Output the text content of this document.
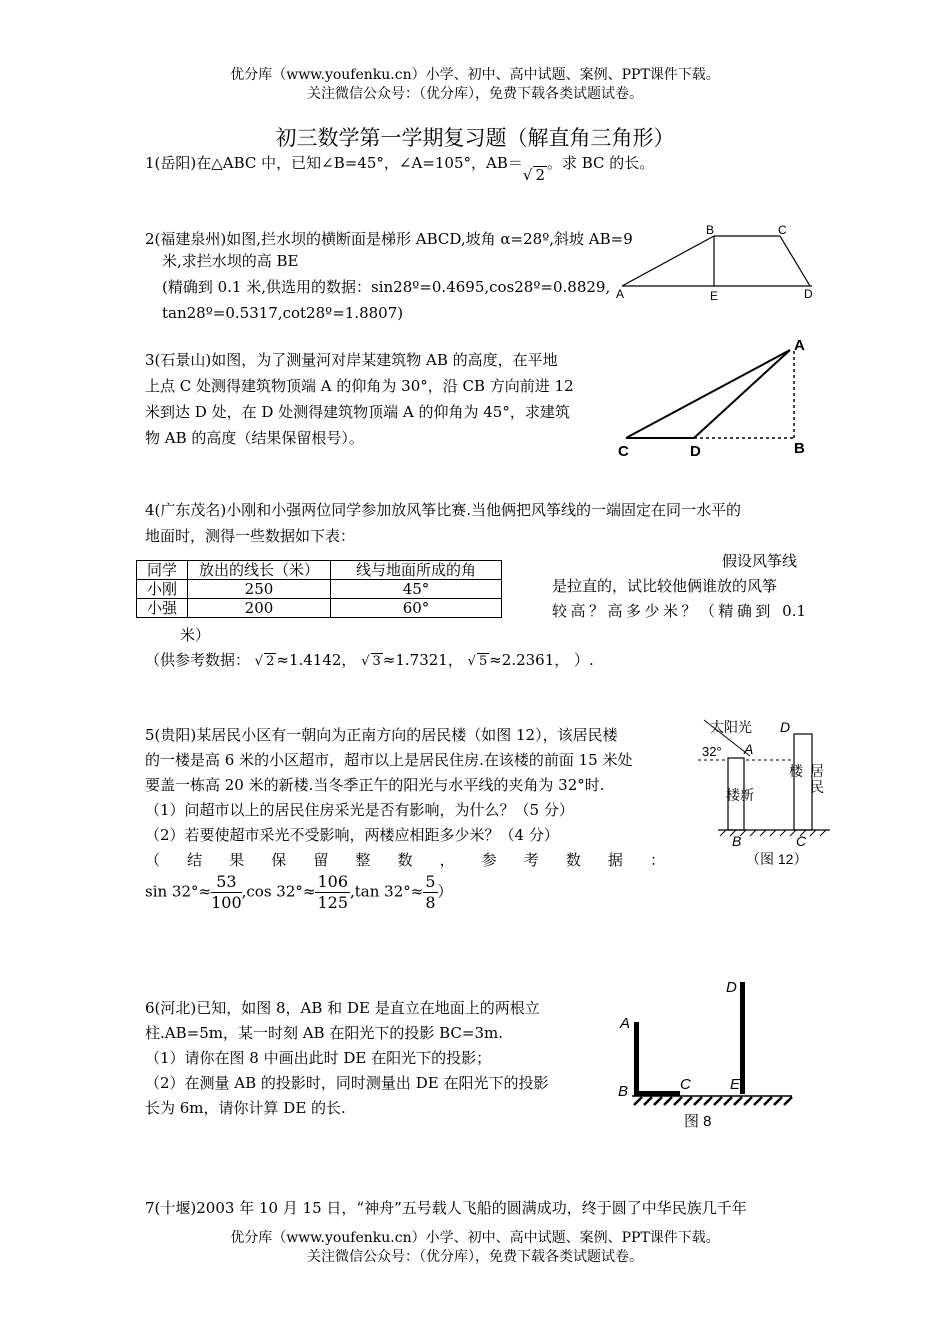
优分库（www.youfenku.cn）小学、初中、高中试题、案例、PPT课件下载。
关注微信公众号：（优分库），免费下载各类试题试卷。
初三数学第一学期复习题（解直角三角形）
1(岳阳)在△ABC 中，已知∠B=45°，∠A=105°，AB＝√ 2。求 BC 的长。
2(福建泉州)如图,拦水坝的横断面是梯形 ABCD,坡角 α=28º,斜坡 AB=9
米,求拦水坝的高 BE
(精确到 0.1 米,供选用的数据：sin28º=0.4695,cos28º=0.8829,
tan28º=0.5317,cot28º=1.8807)
B	C
A	E	D
3(石景山)如图，为了测量河对岸某建筑物 AB 的高度，在平地
上点 C 处测得建筑物顶端 A 的仰角为 30°，沿 CB 方向前进 12
米到达 D 处，在 D 处测得建筑物顶端 A 的仰角为 45°，求建筑
物 AB 的高度（结果保留根号）。
A
C	D	B
4(广东茂名)小刚和小强两位同学参加放风筝比赛.当他俩把风筝线的一端固定在同一水平的
地面时，测得一些数据如下表：
同学	放出的线长（米）	线与地面所成的角
小刚	250	45°
小强	200	60°
假设风筝线
是拉直的，试比较他俩谁放的风筝
较高？高多少米？（精确到 0.1
米）
（供参考数据： √ 2 ≈1.4142， √ 3 ≈1.7321， √ 5 ≈2.2361， ）.
5(贵阳)某居民小区有一朝向为正南方向的居民楼（如图 12），该居民楼
的一楼是高 6 米的小区超市，超市以上是居民住房.在该楼的前面 15 米处
要盖一栋高 20 米的新楼.当冬季正午的阳光与水平线的夹角为 32°时.
（1）问超市以上的居民住房采光是否有影响，为什么？（5 分）
（2）若要使超市采光不受影响，两楼应相距多少米？（4 分）
（ 结 果 保 留 整 数 ， 参 考 数 据 ：
$\sin 32^\circ\approx \frac{53}{100} ,\cos$ $32^\circ\approx \frac{106}{125} ,\tan$ $32^\circ\approx \frac{5}{8}$ ）
太阳光
32° A
D
楼 新
居
民
楼
B	C
（图 12）
6(河北)已知，如图 8，AB 和 DE 是直立在地面上的两根立
柱.AB=5m，某一时刻 AB 在阳光下的投影 BC=3m.
（1）请你在图 8 中画出此时 DE 在阳光下的投影；
（2）在测量 AB 的投影时，同时测量出 DE 在阳光下的投影
长为 6m，请你计算 DE 的长.
A
D
B	C	E
图 8
7(十堰)2003 年 10 月 15 日，“神舟”五号载人飞船的圆满成功，终于圆了中华民族几千年
优分库（www.youfenku.cn）小学、初中、高中试题、案例、PPT课件下载。
关注微信公众号：（优分库），免费下载各类试题试卷。
